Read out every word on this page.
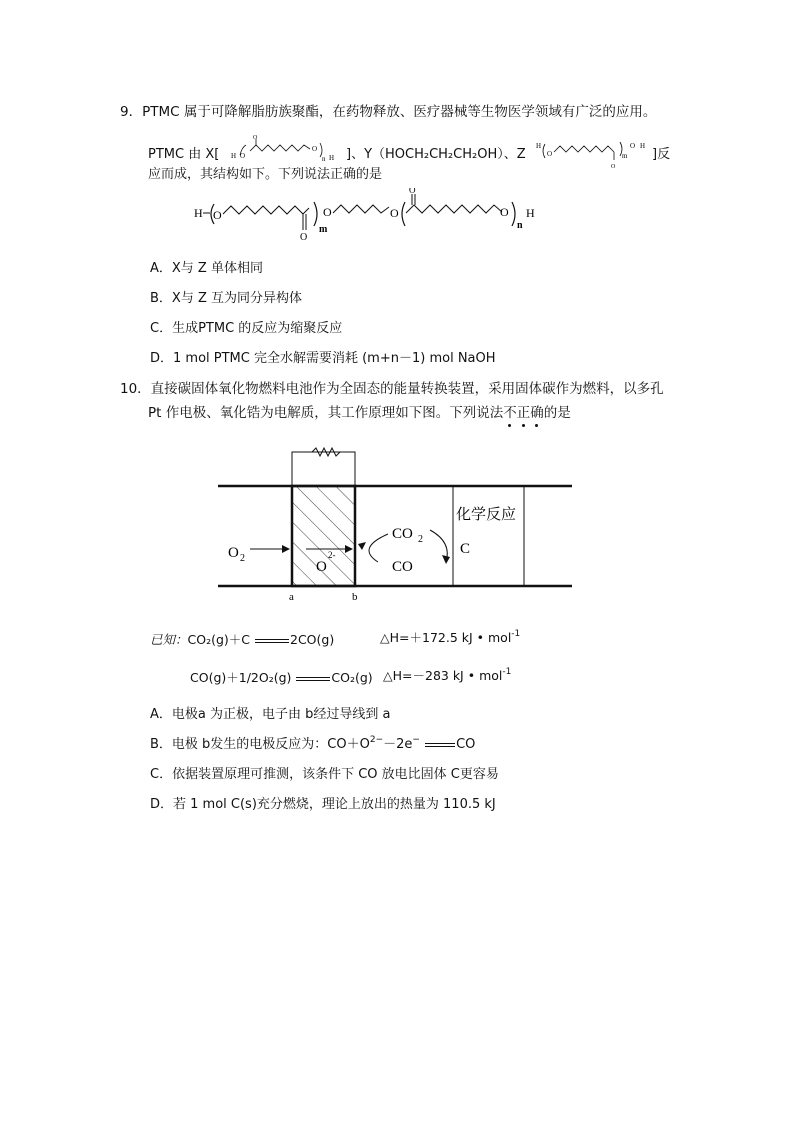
9．PTMC 属于可降解脂肪族聚酯，在药物释放、医疗器械等生物医学领域有广泛的应用。
PTMC 由 X[ H O
O
O
n H ]、Y（HOCH₂CH₂CH₂OH）、Z
H
O
O
m
O H
]反
应而成，其结构如下。下列说法正确的是
H O
O
m
O	O
O
O
n
H
A．X与 Z 单体相同
B．X与 Z 互为同分异构体
C．生成PTMC 的反应为缩聚反应
D．1 mol PTMC 完全水解需要消耗 (m+n－1) mol NaOH
10．直接碳固体氧化物燃料电池作为全固态的能量转换装置，采用固体碳作为燃料，以多孔
Pt 作电极、氧化锆为电解质，其工作原理如下图。下列说法不正确的是
O 2
O
2-
CO 2
CO
化学反应
C
a	b
已知：CO₂(g)＋C	2CO(g)	△H=＋172.5 kJ • mol$^{-1}$
CO(g)＋1/2O₂(g)	CO₂(g) △H=－283 kJ • mol$^{-1}$
A．电极a 为正极，电子由 b经过导线到 a
B．电极 b发生的电极反应为：$CO+O^{2-}-2e^-$	CO
C．依据装置原理可推测，该条件下 CO 放电比固体 C更容易
D．若 1 mol C(s)充分燃烧，理论上放出的热量为 110.5 kJ
